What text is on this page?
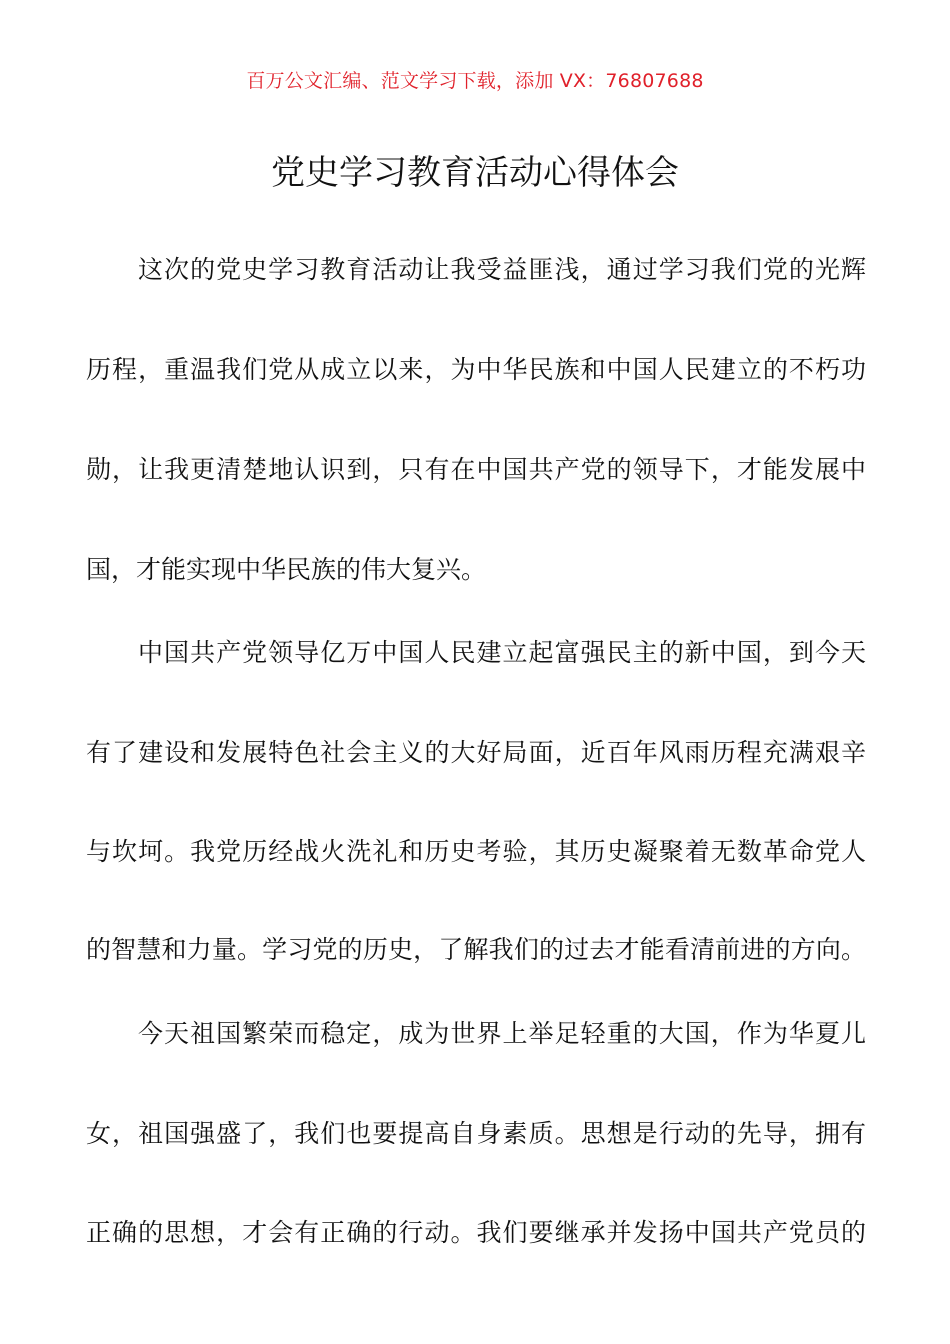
百万公文汇编、范文学习下载，添加 VX：76807688
党史学习教育活动心得体会
这次的党史学习教育活动让我受益匪浅，通过学习我们党的光辉
历程，重温我们党从成立以来，为中华民族和中国人民建立的不朽功
勋，让我更清楚地认识到，只有在中国共产党的领导下，才能发展中
国，才能实现中华民族的伟大复兴。
中国共产党领导亿万中国人民建立起富强民主的新中国，到今天
有了建设和发展特色社会主义的大好局面，近百年风雨历程充满艰辛
与坎坷。我党历经战火洗礼和历史考验，其历史凝聚着无数革命党人
的智慧和力量。学习党的历史，了解我们的过去才能看清前进的方向。
今天祖国繁荣而稳定，成为世界上举足轻重的大国，作为华夏儿
女，祖国强盛了，我们也要提高自身素质。思想是行动的先导，拥有
正确的思想，才会有正确的行动。我们要继承并发扬中国共产党员的
